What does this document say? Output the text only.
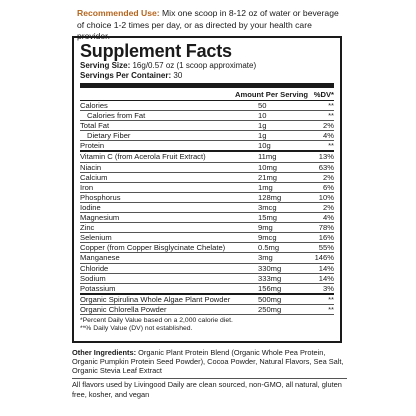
Recommended Use: Mix one scoop in 8-12 oz of water or beverage of choice 1-2 times per day, or as directed by your health care provider.
Supplement Facts
Serving Size: 16g/0.57 oz (1 scoop approximate)
Servings Per Container: 30
Amount Per Serving %DV*
Calories	50	**
Calories from Fat	10	**
Total Fat	1g	2%
Dietary Fiber	1g	4%
Protein	10g	**
Vitamin C (from Acerola Fruit Extract)	11mg	13%
Niacin	10mg	63%
Calcium	21mg	2%
Iron	1mg	6%
Phosphorus	128mg	10%
Iodine	3mcg	2%
Magnesium	15mg	4%
Zinc	9mg	78%
Selenium	9mcg	16%
Copper (from Copper Bisglycinate Chelate)	0.5mg	55%
Manganese	3mg	146%
Chloride	330mg	14%
Sodium	333mg	14%
Potassium	156mg	3%
Organic Spirulina Whole Algae Plant Powder	500mg	**
Organic Chlorella Powder	250mg	**
*Percent Daily Value based on a 2,000 calorie diet.
**% Daily Value (DV) not established.
Other Ingredients: Organic Plant Protein Blend (Organic Whole Pea Protein, Organic Pumpkin Protein Seed Powder), Cocoa Powder, Natural Flavors, Sea Salt, Organic Stevia Leaf Extract
All flavors used by Livingood Daily are clean sourced, non-GMO, all natural, gluten free, kosher, and vegan
